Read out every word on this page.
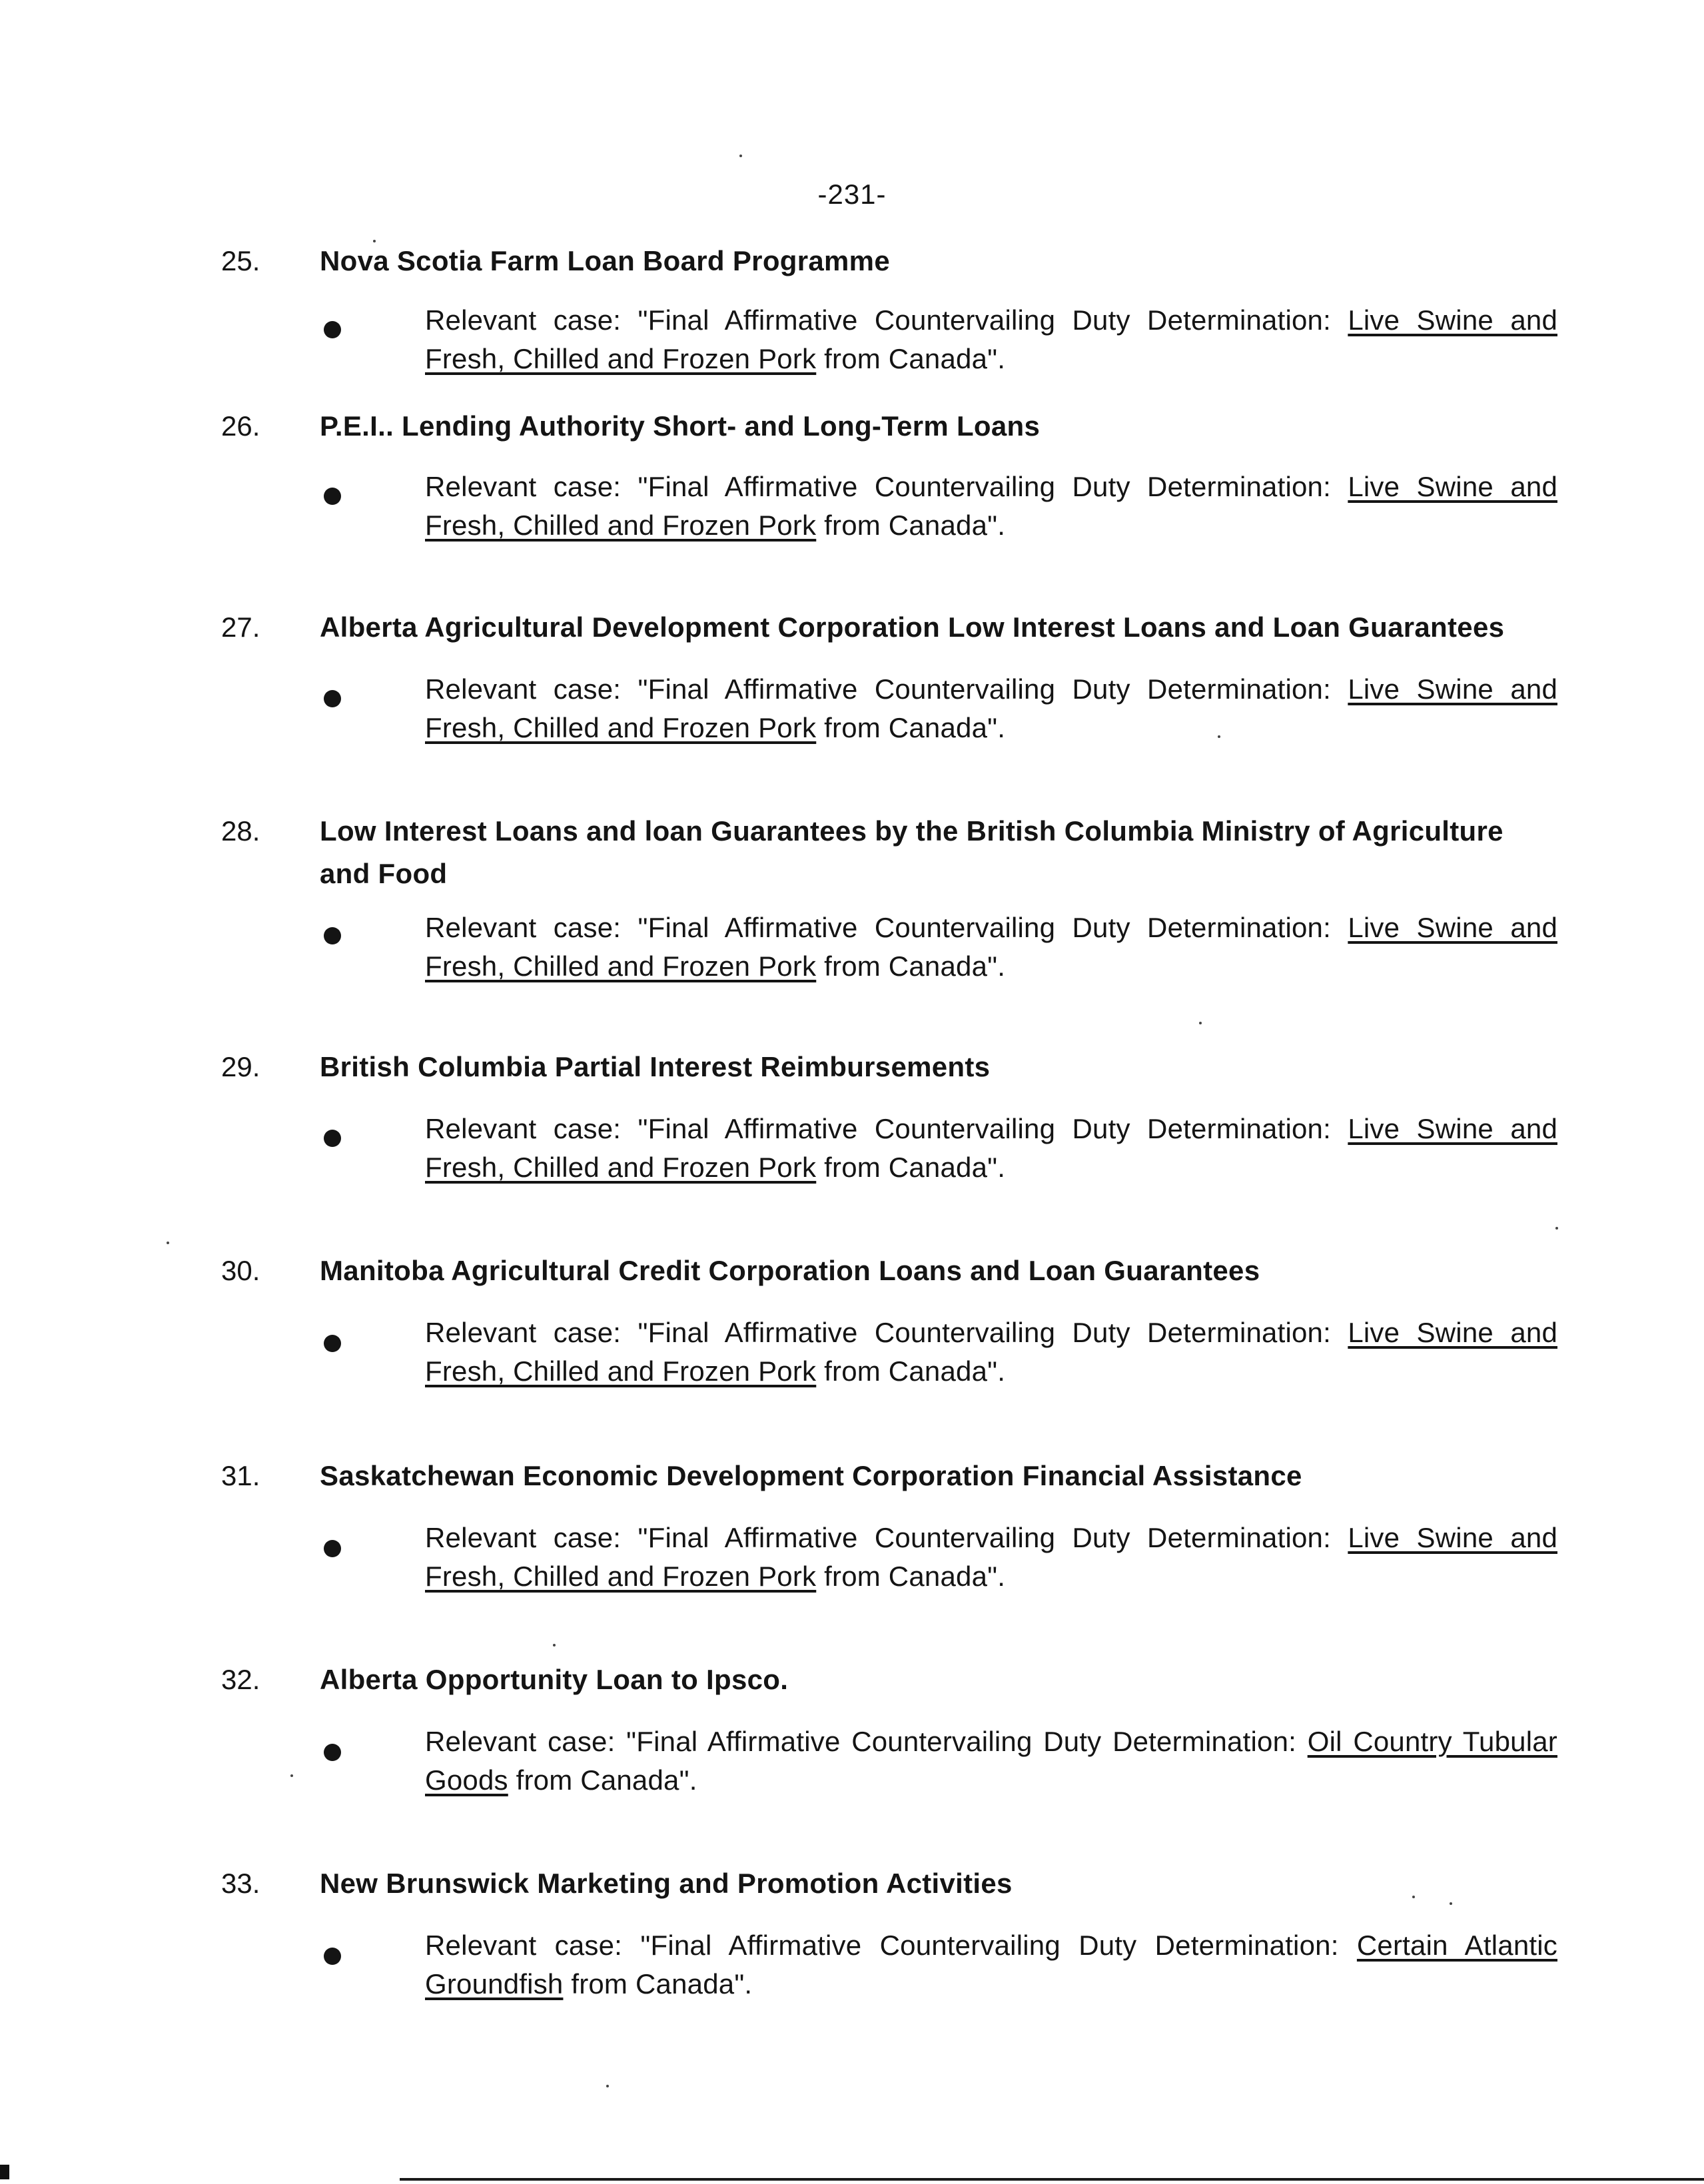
-231-
25. Nova Scotia Farm Loan Board Programme
Relevant case: "Final Affirmative Countervailing Duty Determination: Live Swine and Fresh, Chilled and Frozen Pork from Canada".
26. P.E.I.. Lending Authority Short- and Long-Term Loans
Relevant case: "Final Affirmative Countervailing Duty Determination: Live Swine and Fresh, Chilled and Frozen Pork from Canada".
27. Alberta Agricultural Development Corporation Low Interest Loans and Loan Guarantees
Relevant case: "Final Affirmative Countervailing Duty Determination: Live Swine and Fresh, Chilled and Frozen Pork from Canada".
28. Low Interest Loans and loan Guarantees by the British Columbia Ministry of Agriculture and Food
Relevant case: "Final Affirmative Countervailing Duty Determination: Live Swine and Fresh, Chilled and Frozen Pork from Canada".
29. British Columbia Partial Interest Reimbursements
Relevant case: "Final Affirmative Countervailing Duty Determination: Live Swine and Fresh, Chilled and Frozen Pork from Canada".
30. Manitoba Agricultural Credit Corporation Loans and Loan Guarantees
Relevant case: "Final Affirmative Countervailing Duty Determination: Live Swine and Fresh, Chilled and Frozen Pork from Canada".
31. Saskatchewan Economic Development Corporation Financial Assistance
Relevant case: "Final Affirmative Countervailing Duty Determination: Live Swine and Fresh, Chilled and Frozen Pork from Canada".
32. Alberta Opportunity Loan to Ipsco.
Relevant case: "Final Affirmative Countervailing Duty Determination: Oil Country Tubular Goods from Canada".
33. New Brunswick Marketing and Promotion Activities
Relevant case: "Final Affirmative Countervailing Duty Determination: Certain Atlantic Groundfish from Canada".
